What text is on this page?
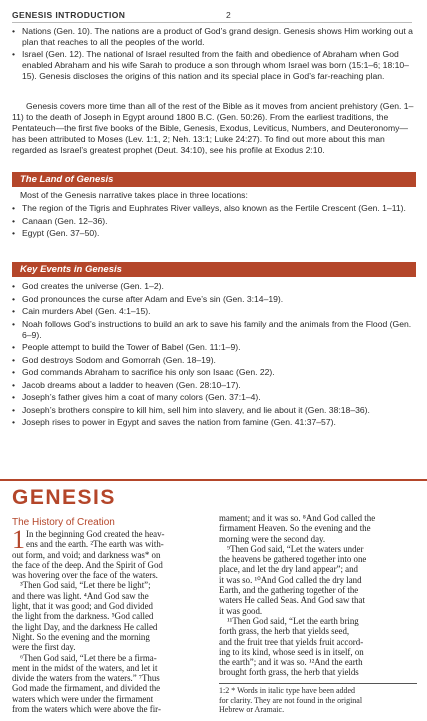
GENESIS INTRODUCTION	2
• Nations (Gen. 10). The nations are a product of God’s grand design. Genesis shows Him working out a plan that reaches to all the peoples of the world.
• Israel (Gen. 12). The national of Israel resulted from the faith and obedience of Abraham when God enabled Abraham and his wife Sarah to produce a son through whom Israel was born (15:1–6; 18:10–15). Genesis discloses the origins of this nation and its special place in God’s far-reaching plan.
Genesis covers more time than all of the rest of the Bible as it moves from ancient prehistory (Gen. 1–11) to the death of Joseph in Egypt around 1800 B.C. (Gen. 50:26). From the earliest traditions, the Pentateuch—the first five books of the Bible, Genesis, Exodus, Leviticus, Numbers, and Deuteronomy—has been attributed to Moses (Lev. 1:1, 2; Neh. 13:1; Luke 24:27). To find out more about this man regarded as Israel’s greatest prophet (Deut. 34:10), see his profile at Exodus 2:10.
The Land of Genesis
Most of the Genesis narrative takes place in three locations:
• The region of the Tigris and Euphrates River valleys, also known as the Fertile Crescent (Gen. 1–11).
• Canaan (Gen. 12–36).
• Egypt (Gen. 37–50).
Key Events in Genesis
• God creates the universe (Gen. 1–2).
• God pronounces the curse after Adam and Eve’s sin (Gen. 3:14–19).
• Cain murders Abel (Gen. 4:1–15).
• Noah follows God’s instructions to build an ark to save his family and the animals from the Flood (Gen. 6–9).
• People attempt to build the Tower of Babel (Gen. 11:1–9).
• God destroys Sodom and Gomorrah (Gen. 18–19).
• God commands Abraham to sacrifice his only son Isaac (Gen. 22).
• Jacob dreams about a ladder to heaven (Gen. 28:10–17).
• Joseph’s father gives him a coat of many colors (Gen. 37:1–4).
• Joseph’s brothers conspire to kill him, sell him into slavery, and lie about it (Gen. 38:18–36).
• Joseph rises to power in Egypt and saves the nation from famine (Gen. 41:37–57).
GENESIS
The History of Creation
1 In the beginning God created the heav-
ens and the earth. ²The earth was with-
out form, and void; and darkness was* on
the face of the deep. And the Spirit of God
was hovering over the face of the waters.
³Then God said, “Let there be light”;
and there was light. ⁴And God saw the
light, that it was good; and God divided
the light from the darkness. ⁵God called
the light Day, and the darkness He called
Night. So the evening and the morning
were the first day.
⁶Then God said, “Let there be a firma-
ment in the midst of the waters, and let it
divide the waters from the waters.” ⁷Thus
God made the firmament, and divided the
waters which were under the firmament
from the waters which were above the fir-
mament; and it was so. ⁸And God called the
firmament Heaven. So the evening and the
morning were the second day.
⁹Then God said, “Let the waters under
the heavens be gathered together into one
place, and let the dry land appear”; and
it was so. ¹⁰And God called the dry land
Earth, and the gathering together of the
waters He called Seas. And God saw that
it was good.
¹¹Then God said, “Let the earth bring
forth grass, the herb that yields seed,
and the fruit tree that yields fruit accord-
ing to its kind, whose seed is in itself, on
the earth”; and it was so. ¹²And the earth
brought forth grass, the herb that yields
1:2 * Words in italic type have been added
for clarity. They are not found in the original
Hebrew or Aramaic.
